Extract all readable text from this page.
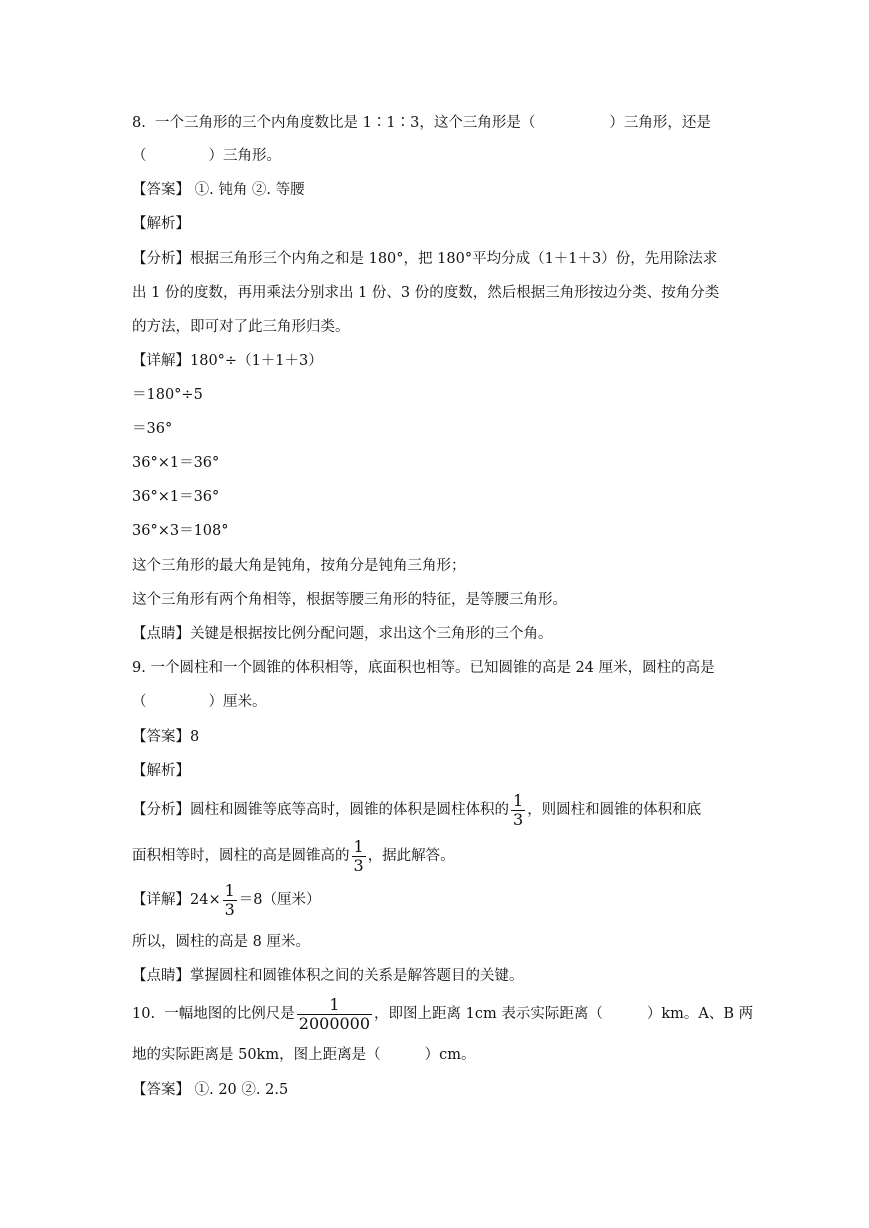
8.  一个三角形的三个内角度数比是 1∶1∶3，这个三角形是（	）三角形，还是
（	）三角形。
【答案】 ①. 钝角 ②. 等腰
【解析】
【分析】根据三角形三个内角之和是 180°，把 180°平均分成（1＋1＋3）份，先用除法求
出 1 份的度数，再用乘法分别求出 1 份、3 份的度数，然后根据三角形按边分类、按角分类
的方法，即可对了此三角形归类。
【详解】180°÷（1＋1＋3）
＝180°÷5
＝36°
36°×1＝36°
36°×1＝36°
36°×3＝108°
这个三角形的最大角是钝角，按角分是钝角三角形；
这个三角形有两个角相等，根据等腰三角形的特征，是等腰三角形。
【点睛】关键是根据按比例分配问题，求出这个三角形的三个角。
9. 一个圆柱和一个圆锥的体积相等，底面积也相等。已知圆锥的高是 24 厘米，圆柱的高是
（	）厘米。
【答案】8
【解析】
【分析】圆柱和圆锥等底等高时，圆锥的体积是圆柱体积的 $\frac{1}{3}$ ，则圆柱和圆锥的体积和底
面积相等时，圆柱的高是圆锥高的 $\frac{1}{3}$ ，据此解答。
【详解】$24\times \frac{1}{3} =8$（厘米）
所以，圆柱的高是 8 厘米。
【点睛】掌握圆柱和圆锥体积之间的关系是解答题目的关键。
10.  一幅地图的比例尺是 $\frac{1}{2000000}$ ，即图上距离 1cm 表示实际距离（	）km。A、B 两
地的实际距离是 50km，图上距离是（	）cm。
【答案】 ①. 20 ②. 2.5
